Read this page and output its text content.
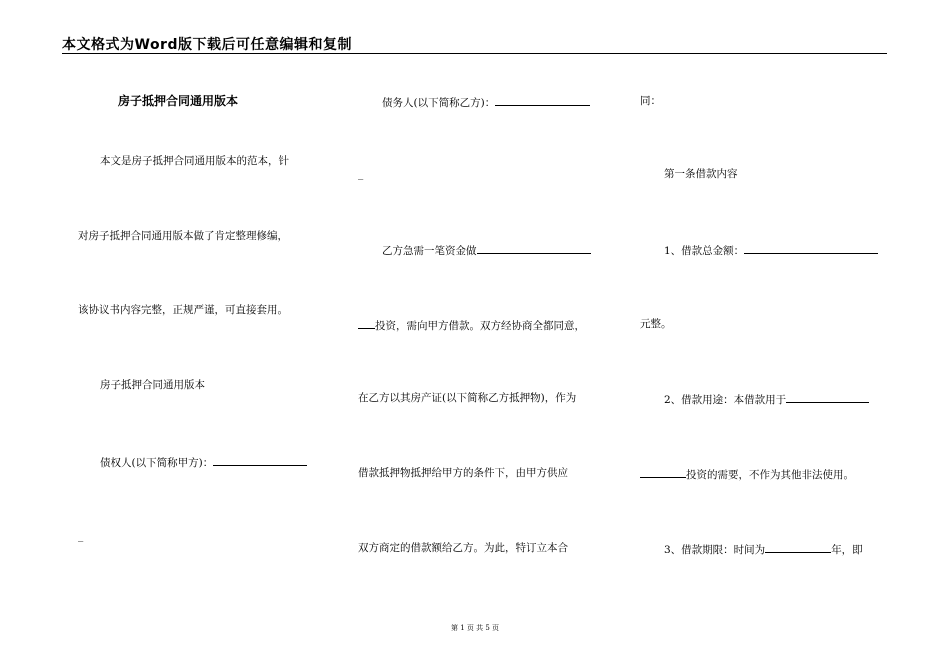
本文格式为Word版下载后可任意编辑和复制
房子抵押合同通用版本
本文是房子抵押合同通用版本的范本，针
对房子抵押合同通用版本做了肯定整理修编，
该协议书内容完整，正规严谨，可直接套用。
房子抵押合同通用版本
债权人(以下简称甲方)：
_
债务人(以下简称乙方)：
_
乙方急需一笔资金做
投资，需向甲方借款。双方经协商全都同意，
在乙方以其房产证(以下简称乙方抵押物)，作为
借款抵押物抵押给甲方的条件下，由甲方供应
双方商定的借款额给乙方。为此，特订立本合
同：
第一条借款内容
1、借款总金额：
元整。
2、借款用途：本借款用于
投资的需要，不作为其他非法使用。
3、借款期限：时间为	年，即
第 1 页 共 5 页
